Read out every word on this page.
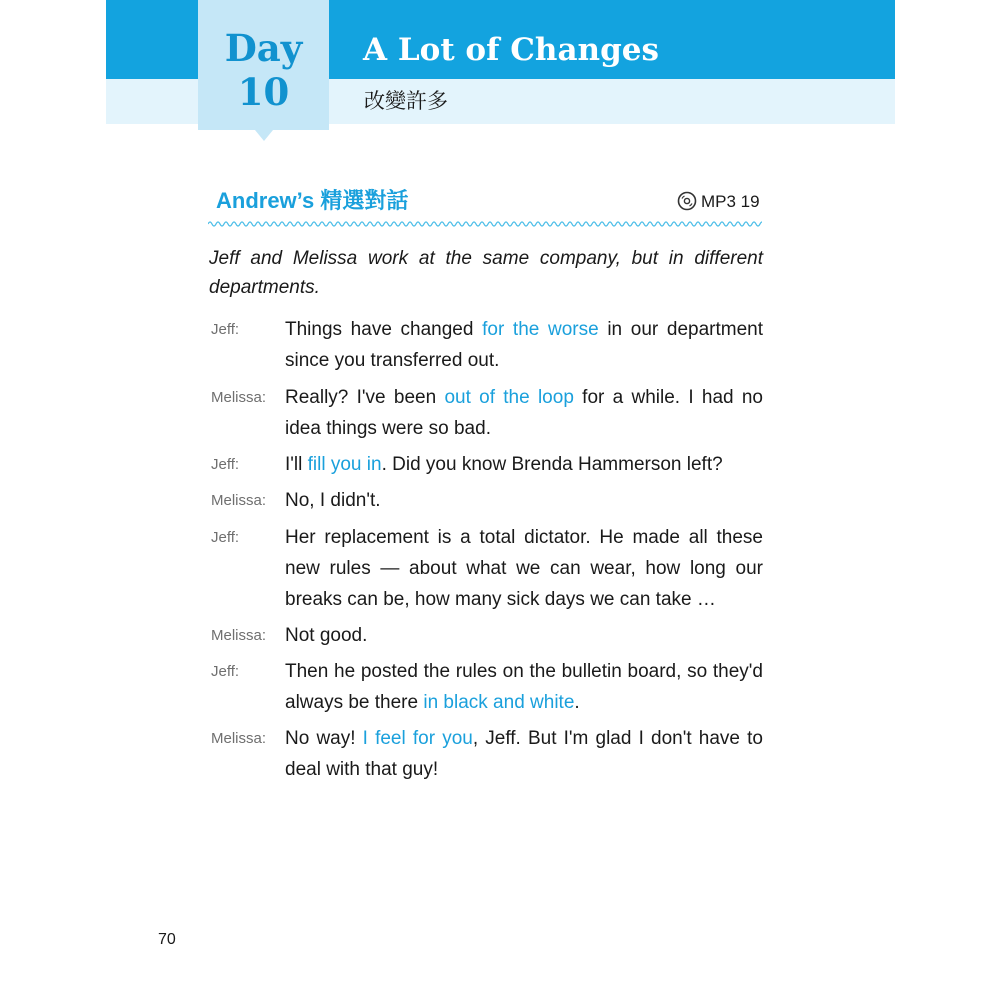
Day
10
A Lot of Changes
改變許多
Andrew’s 精選對話	MP3 19
Jeff and Melissa work at the same company, but in different departments.
Jeff: Things have changed for the worse in our department since you transferred out.
Melissa: Really? I've been out of the loop for a while. I had no idea things were so bad.
Jeff: I'll fill you in. Did you know Brenda Hammerson left?
Melissa: No, I didn't.
Jeff: Her replacement is a total dictator. He made all these new rules — about what we can wear, how long our breaks can be, how many sick days we can take …
Melissa: Not good.
Jeff: Then he posted the rules on the bulletin board, so they'd always be there in black and white.
Melissa: No way! I feel for you, Jeff. But I'm glad I don't have to deal with that guy!
70
